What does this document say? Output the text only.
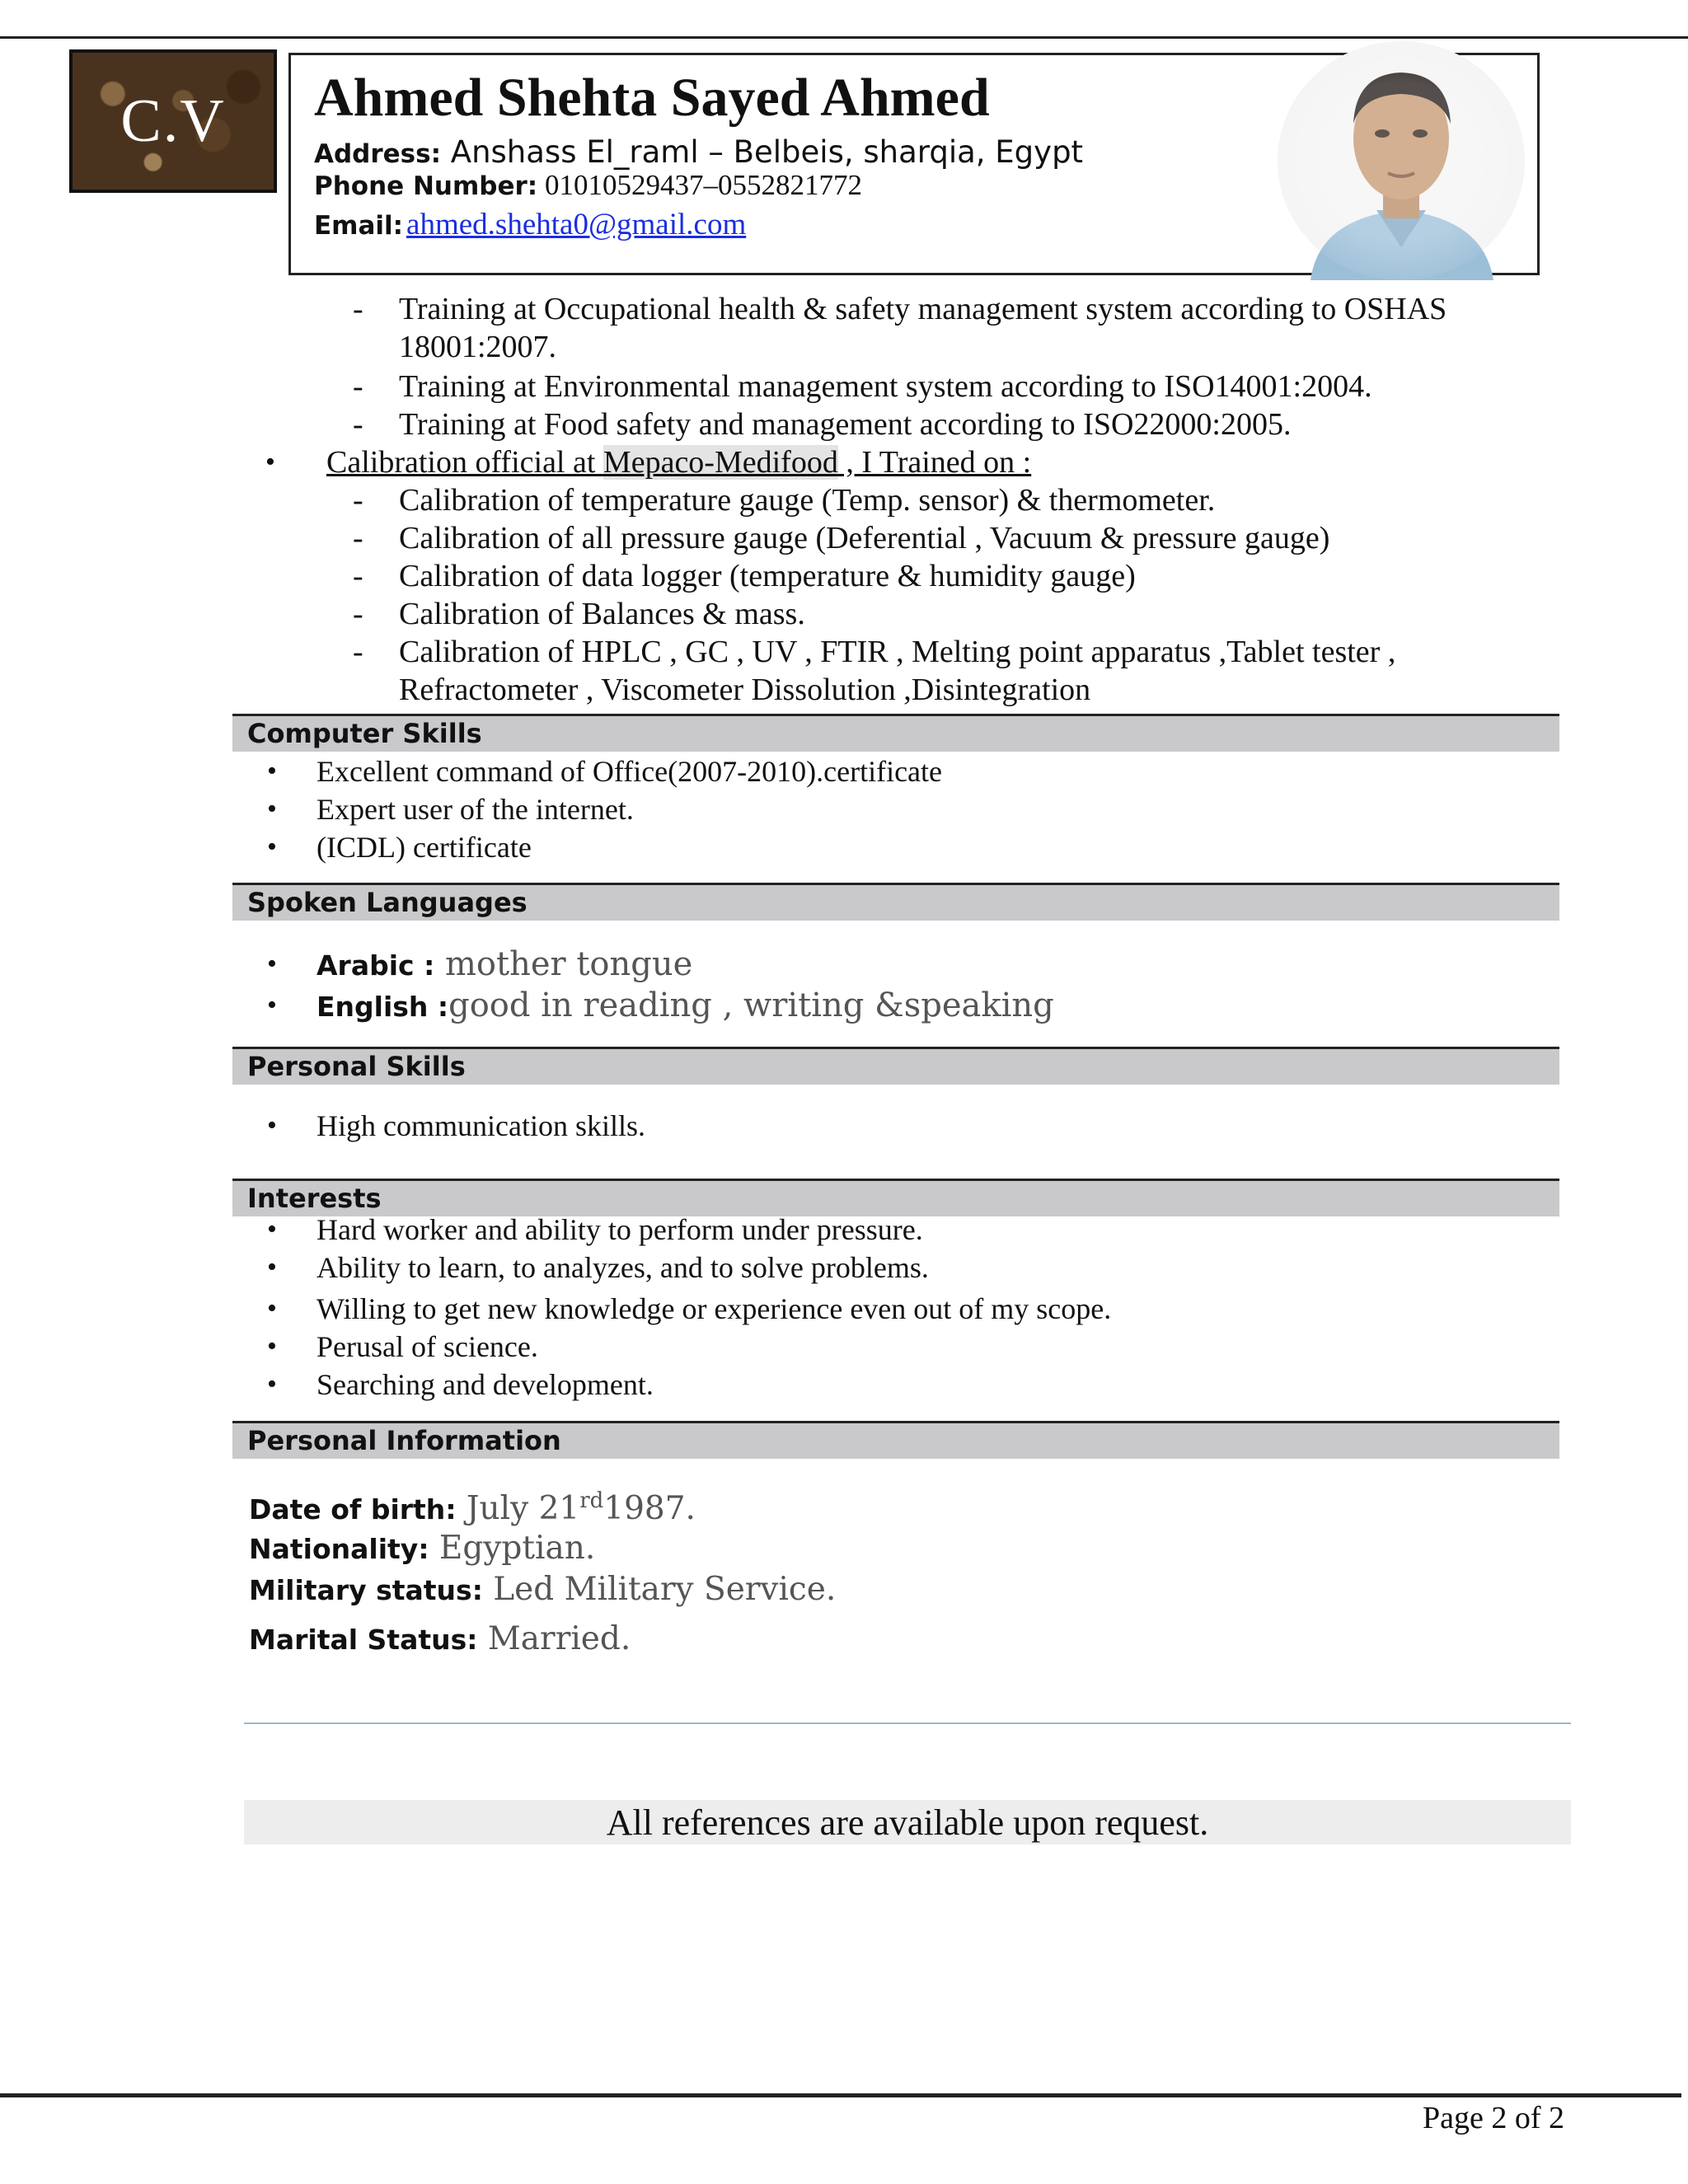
C.V Ahmed Shehta Sayed Ahmed
Address: Anshass El_raml – Belbeis, sharqia, Egypt
Phone Number: 01010529437–0552821772
Email: ahmed.shehta0@gmail.com
- Training at Occupational health & safety management system according to OSHAS 18001:2007.
- Training at Environmental management system according to ISO14001:2004.
- Training at Food safety and management according to ISO22000:2005.
• Calibration official at Mepaco-Medifood , I Trained on :
- Calibration of temperature gauge (Temp. sensor) & thermometer.
- Calibration of all pressure gauge (Deferential , Vacuum & pressure gauge)
- Calibration of data logger (temperature & humidity gauge)
- Calibration of Balances & mass.
- Calibration of HPLC , GC , UV , FTIR , Melting point apparatus ,Tablet tester , Refractometer , Viscometer Dissolution ,Disintegration
Computer Skills
• Excellent command of Office(2007-2010).certificate
• Expert user of the internet.
• (ICDL) certificate
Spoken Languages
• Arabic : mother tongue
• English :good in reading , writing &speaking
Personal Skills
• High communication skills.
Interests
• Hard worker and ability to perform under pressure.
• Ability to learn, to analyzes, and to solve problems.
• Willing to get new knowledge or experience even out of my scope.
• Perusal of science.
• Searching and development.
Personal Information
Date of birth: July 21rd1987.
Nationality: Egyptian.
Military status: Led Military Service.
Marital Status: Married.
All references are available upon request.
Page 2 of 2
